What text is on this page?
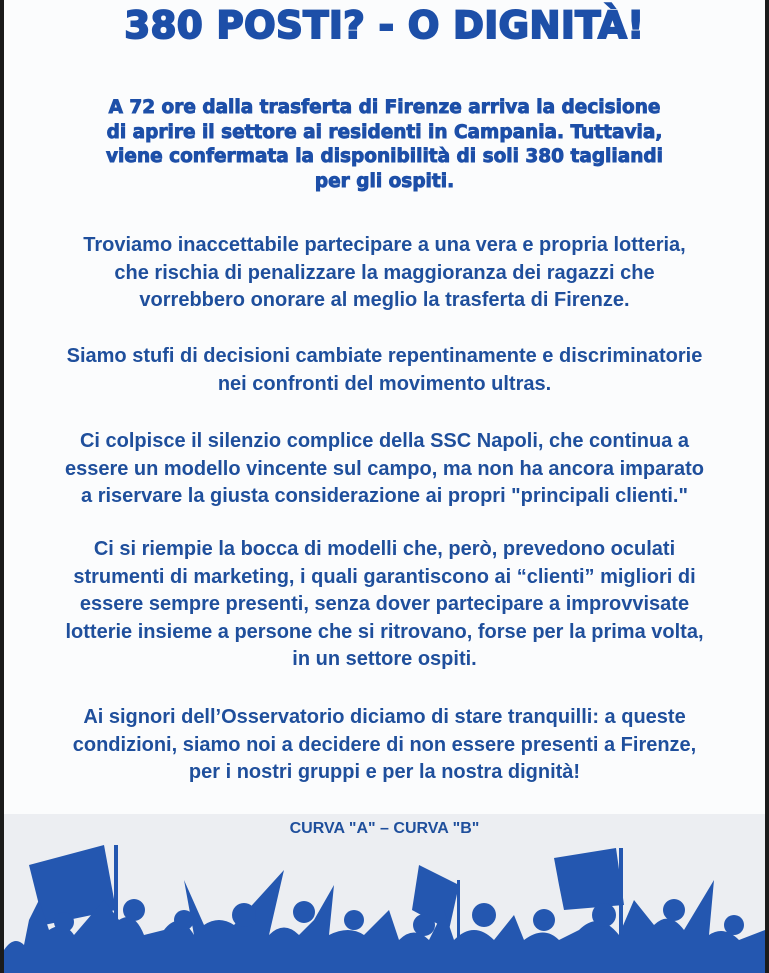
380 POSTI? - O DIGNITÀ!
A 72 ore dalla trasferta di Firenze arriva la decisione
di aprire il settore ai residenti in Campania. Tuttavia,
viene confermata la disponibilità di soli 380 tagliandi
per gli ospiti.
Troviamo inaccettabile partecipare a una vera e propria lotteria,
che rischia di penalizzare la maggioranza dei ragazzi che
vorrebbero onorare al meglio la trasferta di Firenze.
Siamo stufi di decisioni cambiate repentinamente e discriminatorie
nei confronti del movimento ultras.
Ci colpisce il silenzio complice della SSC Napoli, che continua a
essere un modello vincente sul campo, ma non ha ancora imparato
a riservare la giusta considerazione ai propri "principali clienti."
Ci si riempie la bocca di modelli che, però, prevedono oculati
strumenti di marketing, i quali garantiscono ai “clienti” migliori di
essere sempre presenti, senza dover partecipare a improvvisate
lotterie insieme a persone che si ritrovano, forse per la prima volta,
in un settore ospiti.
Ai signori dell’Osservatorio diciamo di stare tranquilli: a queste
condizioni, siamo noi a decidere di non essere presenti a Firenze,
per i nostri gruppi e per la nostra dignità!
CURVA "A" – CURVA "B"
